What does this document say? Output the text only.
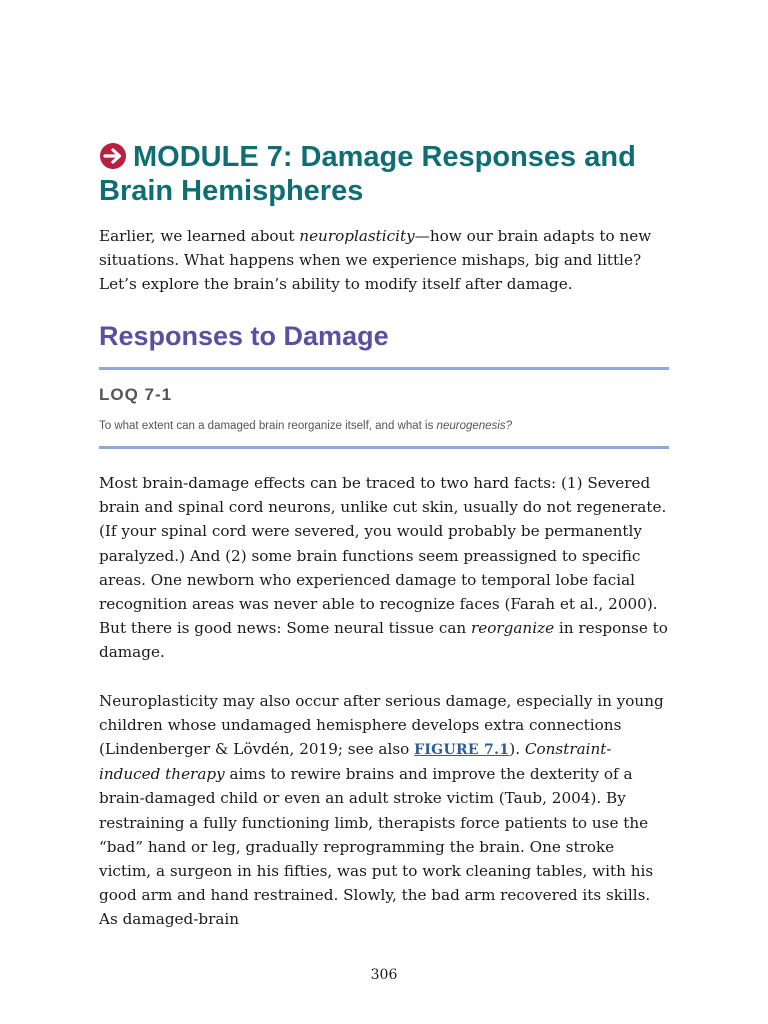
MODULE 7: Damage Responses and Brain Hemispheres

Earlier, we learned about neuroplasticity—how our brain adapts to new situations. What happens when we experience mishaps, big and little? Let’s explore the brain’s ability to modify itself after damage.

Responses to Damage

LOQ 7-1

To what extent can a damaged brain reorganize itself, and what is neurogenesis?

Most brain-damage effects can be traced to two hard facts: (1) Severed brain and spinal cord neurons, unlike cut skin, usually do not regenerate. (If your spinal cord were severed, you would probably be permanently paralyzed.) And (2) some brain functions seem preassigned to specific areas. One newborn who experienced damage to temporal lobe facial recognition areas was never able to recognize faces (Farah et al., 2000). But there is good news: Some neural tissue can reorganize in response to damage.

Neuroplasticity may also occur after serious damage, especially in young children whose undamaged hemisphere develops extra connections (Lindenberger & Lövdén, 2019; see also FIGURE 7.1). Constraint-induced therapy aims to rewire brains and improve the dexterity of a brain-damaged child or even an adult stroke victim (Taub, 2004). By restraining a fully functioning limb, therapists force patients to use the “bad” hand or leg, gradually reprogramming the brain. One stroke victim, a surgeon in his fifties, was put to work cleaning tables, with his good arm and hand restrained. Slowly, the bad arm recovered its skills. As damaged-brain

306
